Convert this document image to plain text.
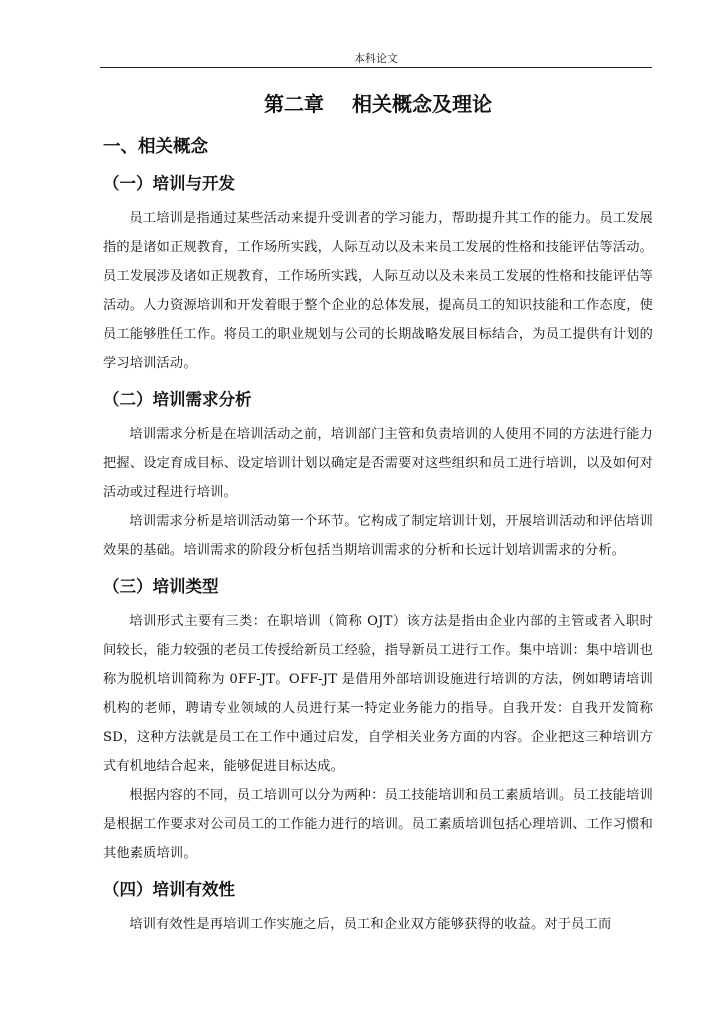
本科论文
第二章 相关概念及理论
一、相关概念
（一）培训与开发

员工培训是指通过某些活动来提升受训者的学习能力，帮助提升其工作的能力。员工发展指的是诸如正规教育，工作场所实践，人际互动以及未来员工发展的性格和技能评估等活动。员工发展涉及诸如正规教育，工作场所实践，人际互动以及未来员工发展的性格和技能评估等活动。人力资源培训和开发着眼于整个企业的总体发展，提高员工的知识技能和工作态度，使员工能够胜任工作。将员工的职业规划与公司的长期战略发展目标结合，为员工提供有计划的学习培训活动。

（二）培训需求分析

培训需求分析是在培训活动之前，培训部门主管和负责培训的人使用不同的方法进行能力把握、设定育成目标、设定培训计划以确定是否需要对这些组织和员工进行培训，以及如何对活动或过程进行培训。

培训需求分析是培训活动第一个环节。它构成了制定培训计划，开展培训活动和评估培训效果的基础。培训需求的阶段分析包括当期培训需求的分析和长远计划培训需求的分析。

（三）培训类型

培训形式主要有三类：在职培训（简称 OJT）该方法是指由企业内部的主管或者入职时间较长，能力较强的老员工传授给新员工经验，指导新员工进行工作。集中培训：集中培训也称为脱机培训简称为 0FF-JT。OFF-JT 是借用外部培训设施进行培训的方法，例如聘请培训机构的老师，聘请专业领域的人员进行某一特定业务能力的指导。自我开发：自我开发简称 SD，这种方法就是员工在工作中通过启发，自学相关业务方面的内容。企业把这三种培训方式有机地结合起来，能够促进目标达成。

根据内容的不同，员工培训可以分为两种：员工技能培训和员工素质培训。员工技能培训是根据工作要求对公司员工的工作能力进行的培训。员工素质培训包括心理培训、工作习惯和其他素质培训。

（四）培训有效性

培训有效性是再培训工作实施之后，员工和企业双方能够获得的收益。对于员工而
